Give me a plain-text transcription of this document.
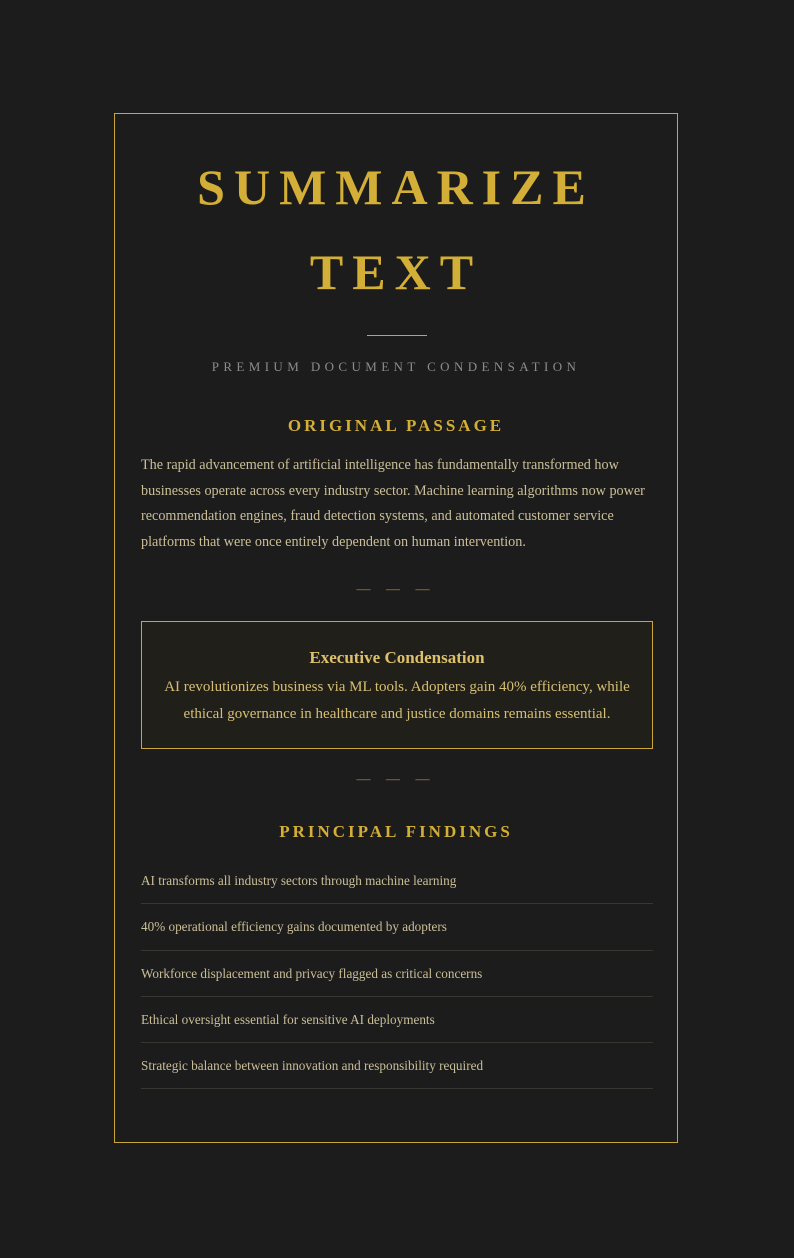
SUMMARIZE
TEXT
PREMIUM DOCUMENT CONDENSATION
ORIGINAL PASSAGE

The rapid advancement of artificial intelligence has fundamentally transformed how businesses operate across every industry sector. Machine learning algorithms now power recommendation engines, fraud detection systems, and automated customer service platforms that were once entirely dependent on human intervention.

— — —
Executive Condensation
AI revolutionizes business via ML tools. Adopters gain 40% efficiency, while ethical governance in healthcare and justice domains remains essential.
— — —
PRINCIPAL FINDINGS
AI transforms all industry sectors through machine learning
40% operational efficiency gains documented by adopters
Workforce displacement and privacy flagged as critical concerns
Ethical oversight essential for sensitive AI deployments
Strategic balance between innovation and responsibility required
